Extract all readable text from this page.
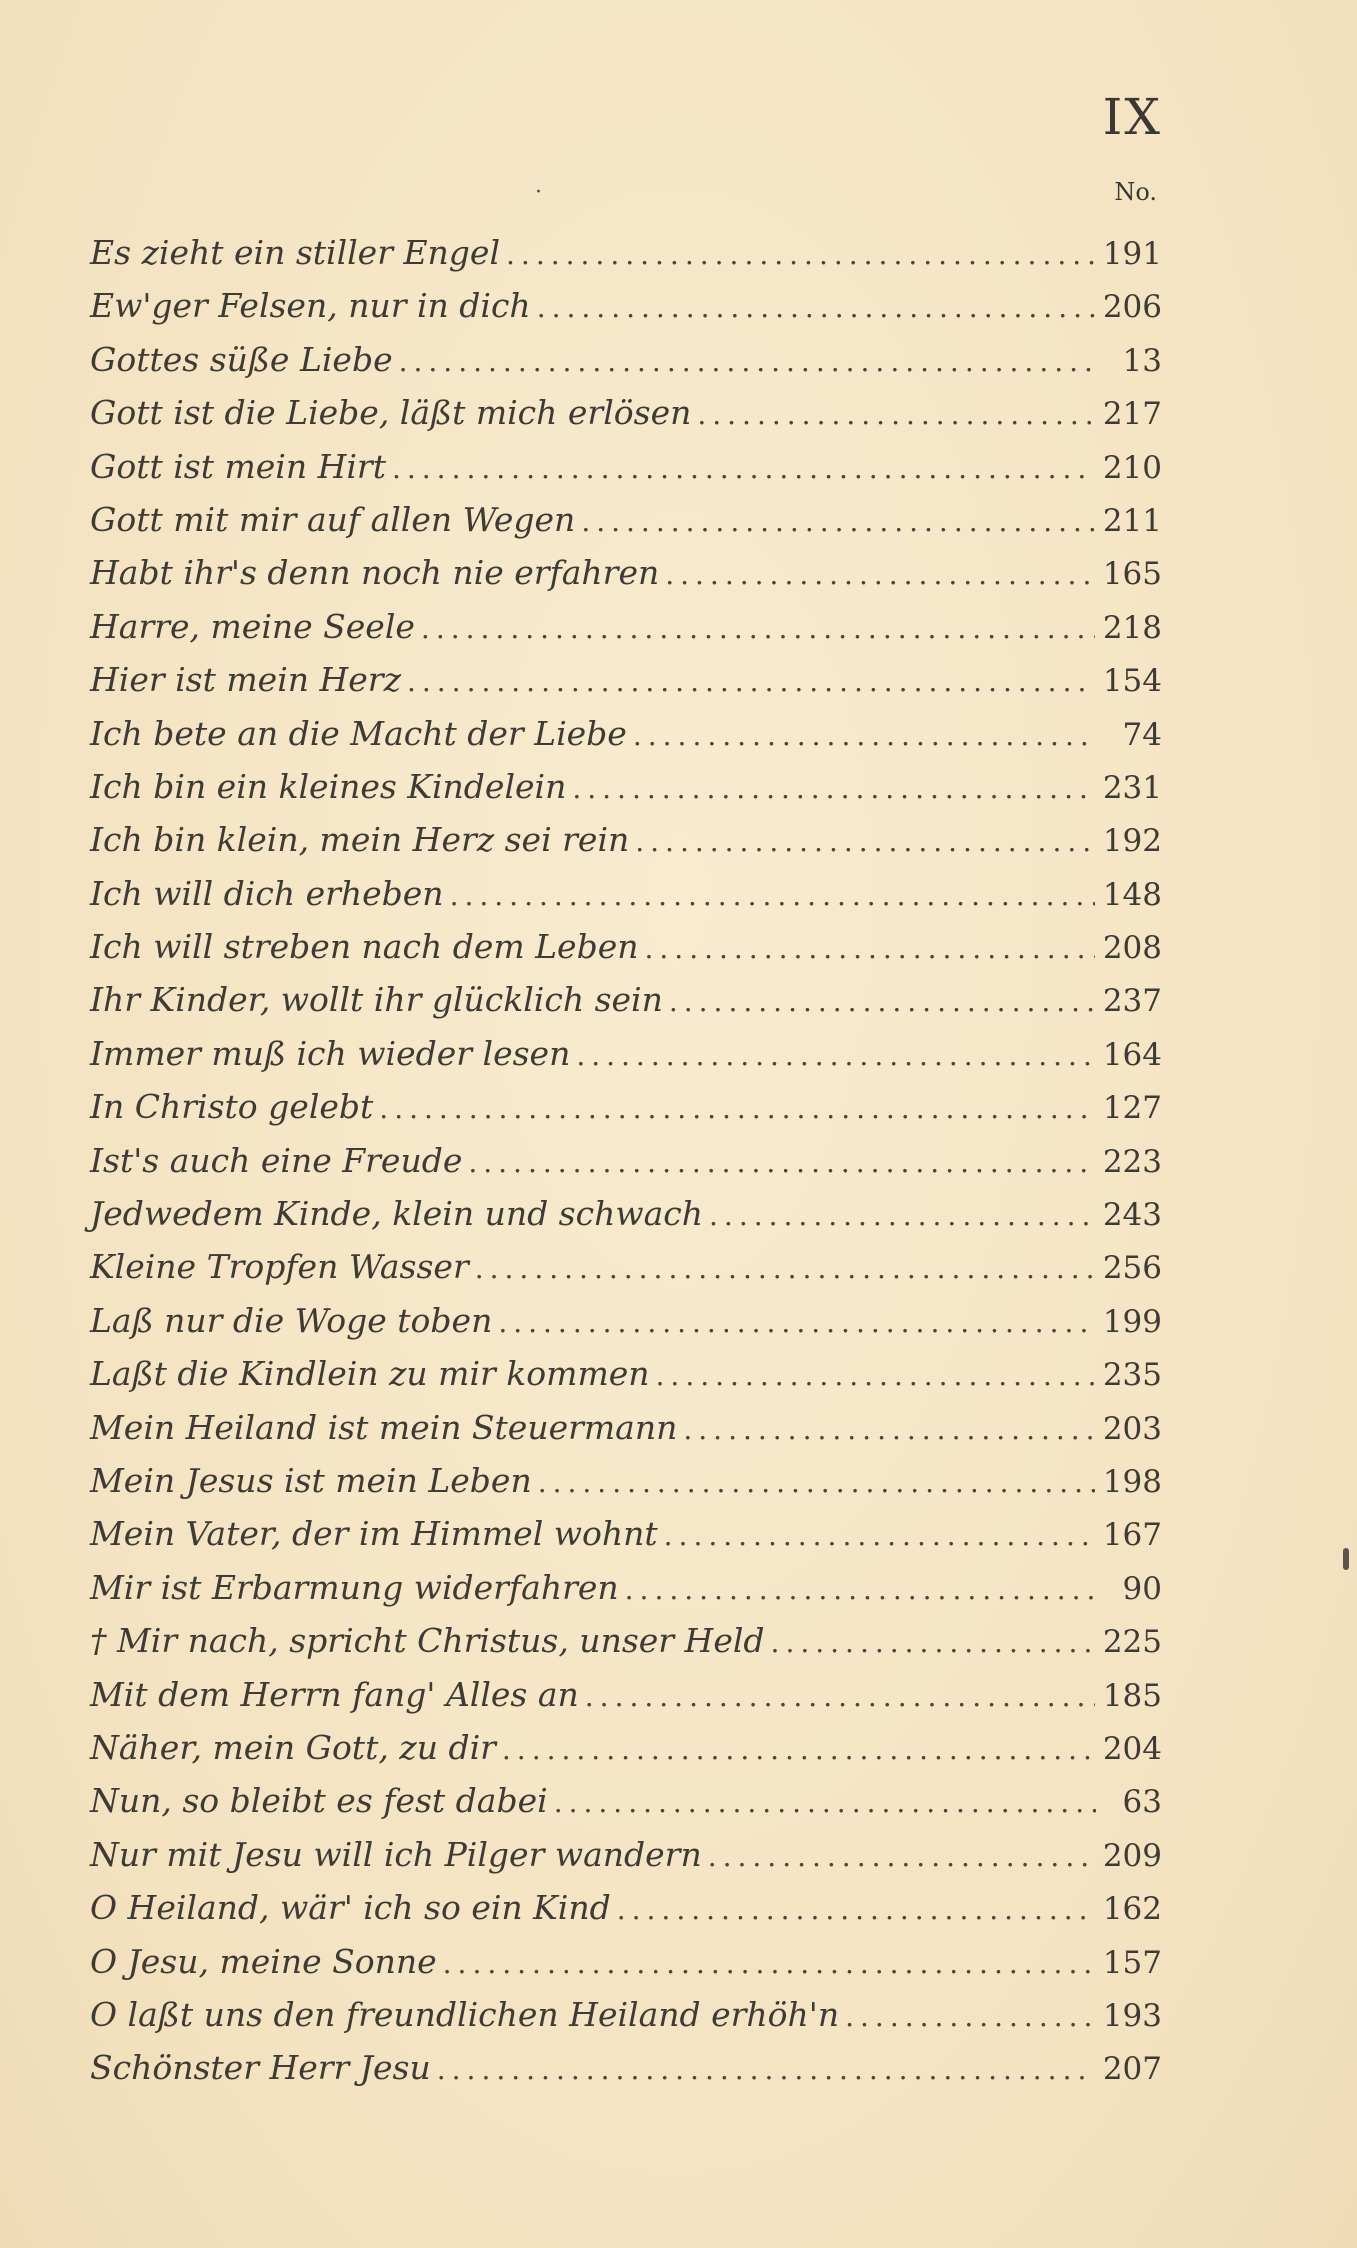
IX
·	No.
Es zieht ein stiller Engel .....	191
Ew'ger Felsen, nur in dich .....	206
Gottes süße Liebe .....	13
Gott ist die Liebe, läßt mich erlösen .....	217
Gott ist mein Hirt .....	210
Gott mit mir auf allen Wegen .....	211
Habt ihr's denn noch nie erfahren .....	165
Harre, meine Seele .....	218
Hier ist mein Herz .....	154
Ich bete an die Macht der Liebe .....	74
Ich bin ein kleines Kindelein .....	231
Ich bin klein, mein Herz sei rein .....	192
Ich will dich erheben .....	148
Ich will streben nach dem Leben .....	208
Ihr Kinder, wollt ihr glücklich sein .....	237
Immer muß ich wieder lesen .....	164
In Christo gelebt .....	127
Ist's auch eine Freude .....	223
Jedwedem Kinde, klein und schwach .....	243
Kleine Tropfen Wasser .....	256
Laß nur die Woge toben .....	199
Laßt die Kindlein zu mir kommen .....	235
Mein Heiland ist mein Steuermann .....	203
Mein Jesus ist mein Leben .....	198
Mein Vater, der im Himmel wohnt .....	167
Mir ist Erbarmung widerfahren .....	90
† Mir nach, spricht Christus, unser Held .....	225
Mit dem Herrn fang' Alles an .....	185
Näher, mein Gott, zu dir .....	204
Nun, so bleibt es fest dabei .....	63
Nur mit Jesu will ich Pilger wandern .....	209
O Heiland, wär' ich so ein Kind .....	162
O Jesu, meine Sonne .....	157
O laßt uns den freundlichen Heiland erhöh'n .....	193
Schönster Herr Jesu .....	207
